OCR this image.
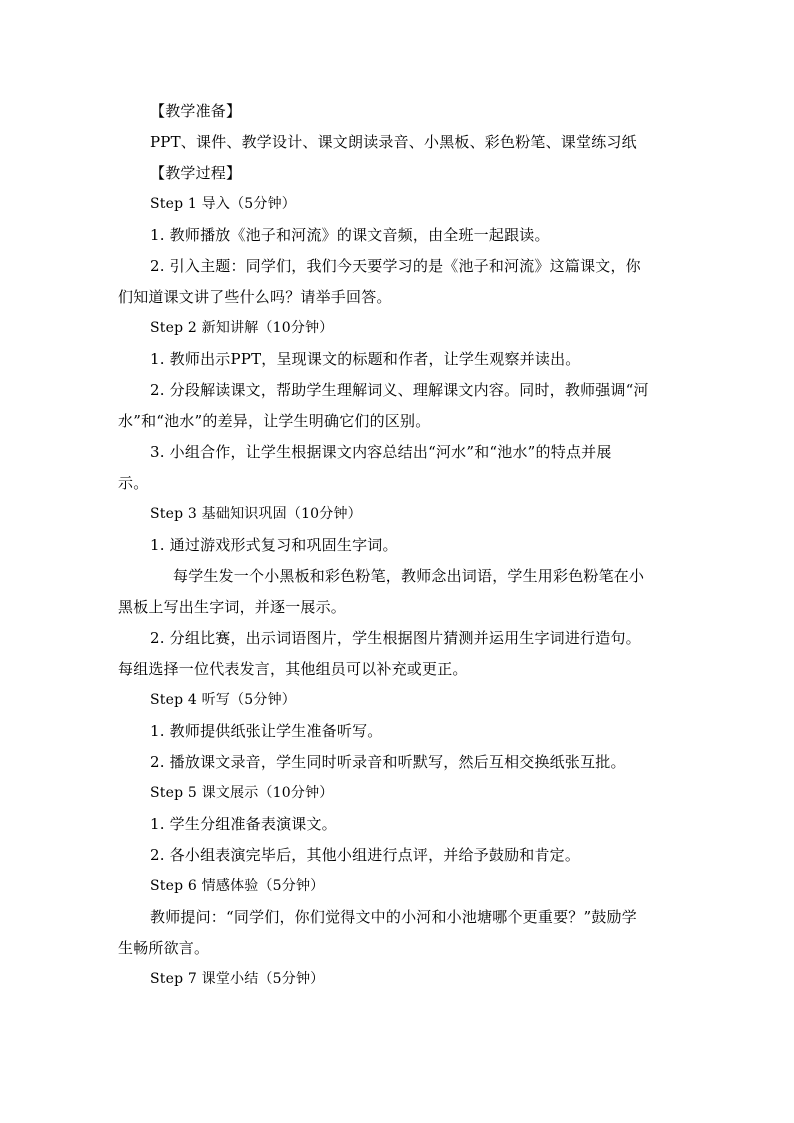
【教学准备】
PPT、课件、教学设计、课文朗读录音、小黑板、彩色粉笔、课堂练习纸
【教学过程】
Step 1 导入（5分钟）
1. 教师播放《池子和河流》的课文音频，由全班一起跟读。
2. 引入主题：同学们，我们今天要学习的是《池子和河流》这篇课文，你
们知道课文讲了些什么吗？请举手回答。
Step 2 新知讲解（10分钟）
1. 教师出示PPT，呈现课文的标题和作者，让学生观察并读出。
2. 分段解读课文，帮助学生理解词义、理解课文内容。同时，教师强调“河
水”和“池水”的差异，让学生明确它们的区别。
3. 小组合作，让学生根据课文内容总结出“河水”和“池水”的特点并展
示。
Step 3 基础知识巩固（10分钟）
1. 通过游戏形式复习和巩固生字词。
每学生发一个小黑板和彩色粉笔，教师念出词语，学生用彩色粉笔在小
黑板上写出生字词，并逐一展示。
2. 分组比赛，出示词语图片，学生根据图片猜测并运用生字词进行造句。
每组选择一位代表发言，其他组员可以补充或更正。
Step 4 听写（5分钟）
1. 教师提供纸张让学生准备听写。
2. 播放课文录音，学生同时听录音和听默写，然后互相交换纸张互批。
Step 5 课文展示（10分钟）
1. 学生分组准备表演课文。
2. 各小组表演完毕后，其他小组进行点评，并给予鼓励和肯定。
Step 6 情感体验（5分钟）
教师提问：“同学们，你们觉得文中的小河和小池塘哪个更重要？”鼓励学
生畅所欲言。
Step 7 课堂小结（5分钟）
